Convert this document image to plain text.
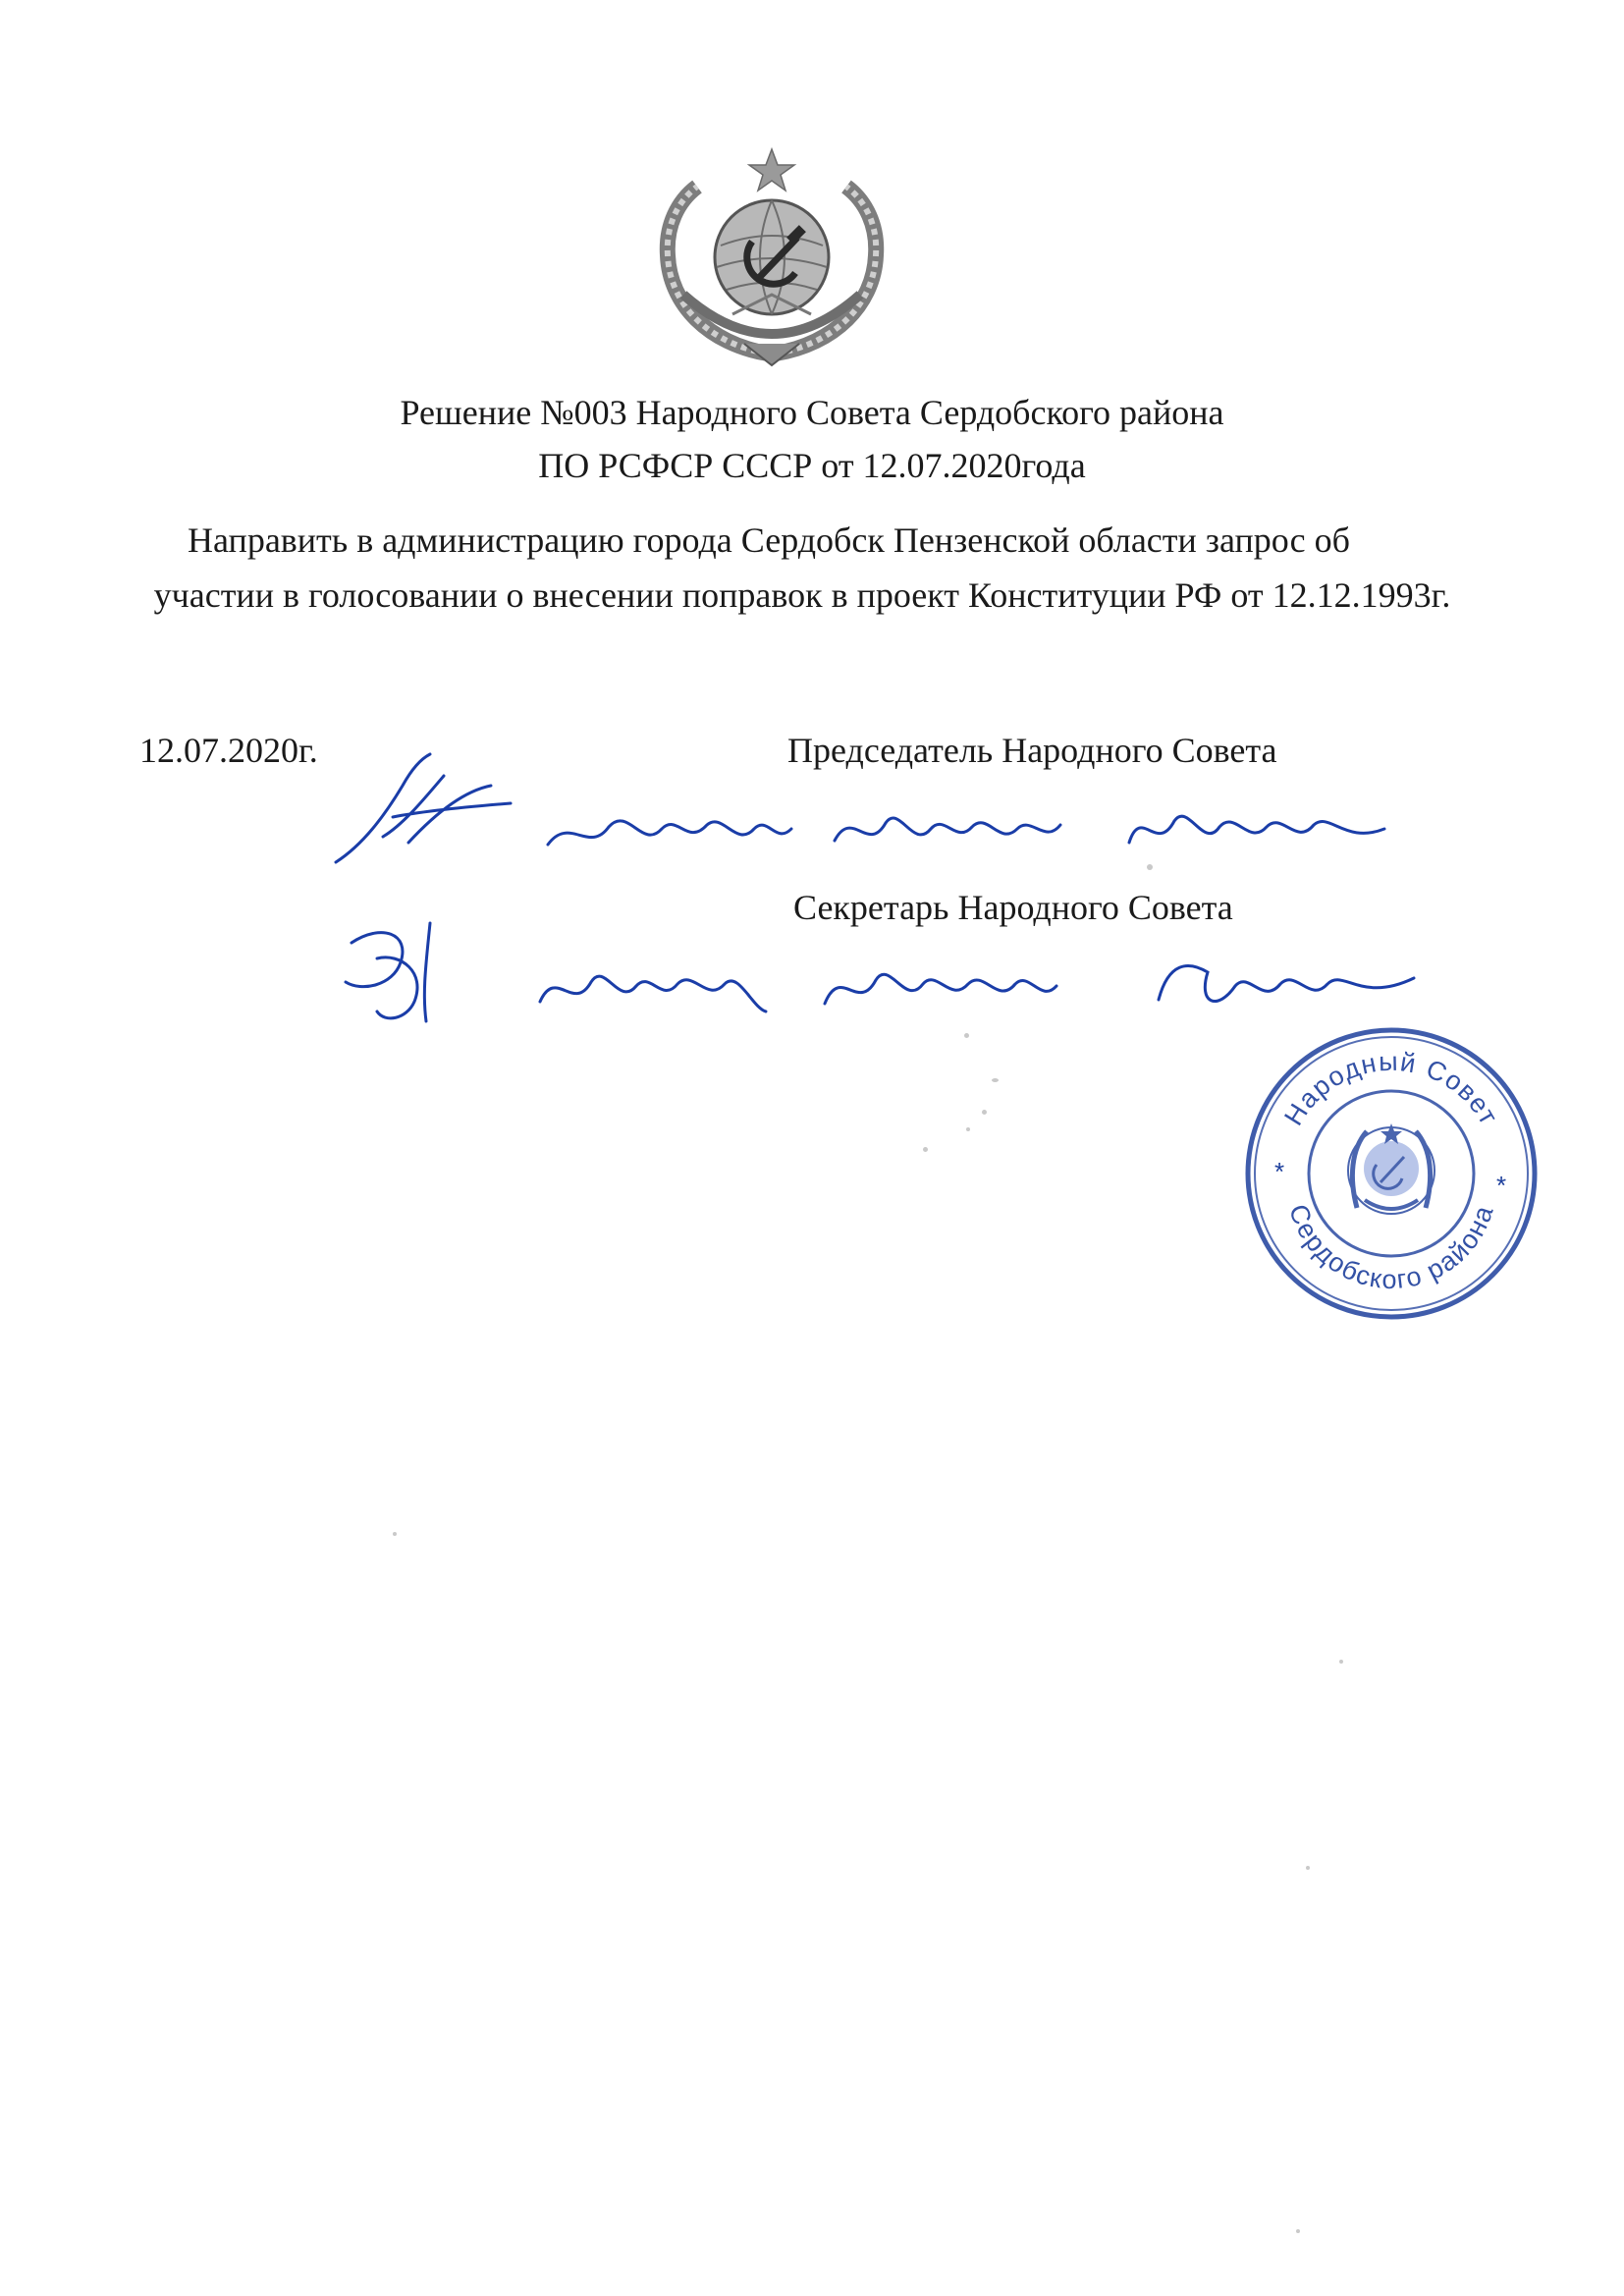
Решение №003 Народного Совета Сердобского района
ПО РСФСР СССР от 12.07.2020года
Направить в администрацию города Сердобск Пензенской области запрос об
участии в голосовании о внесении поправок в проект Конституции РФ от 12.12.1993г.
12.07.2020г.	Председатель Народного Совета
Секретарь Народного Совета
Народный Совет
Сердобского района
*	*
